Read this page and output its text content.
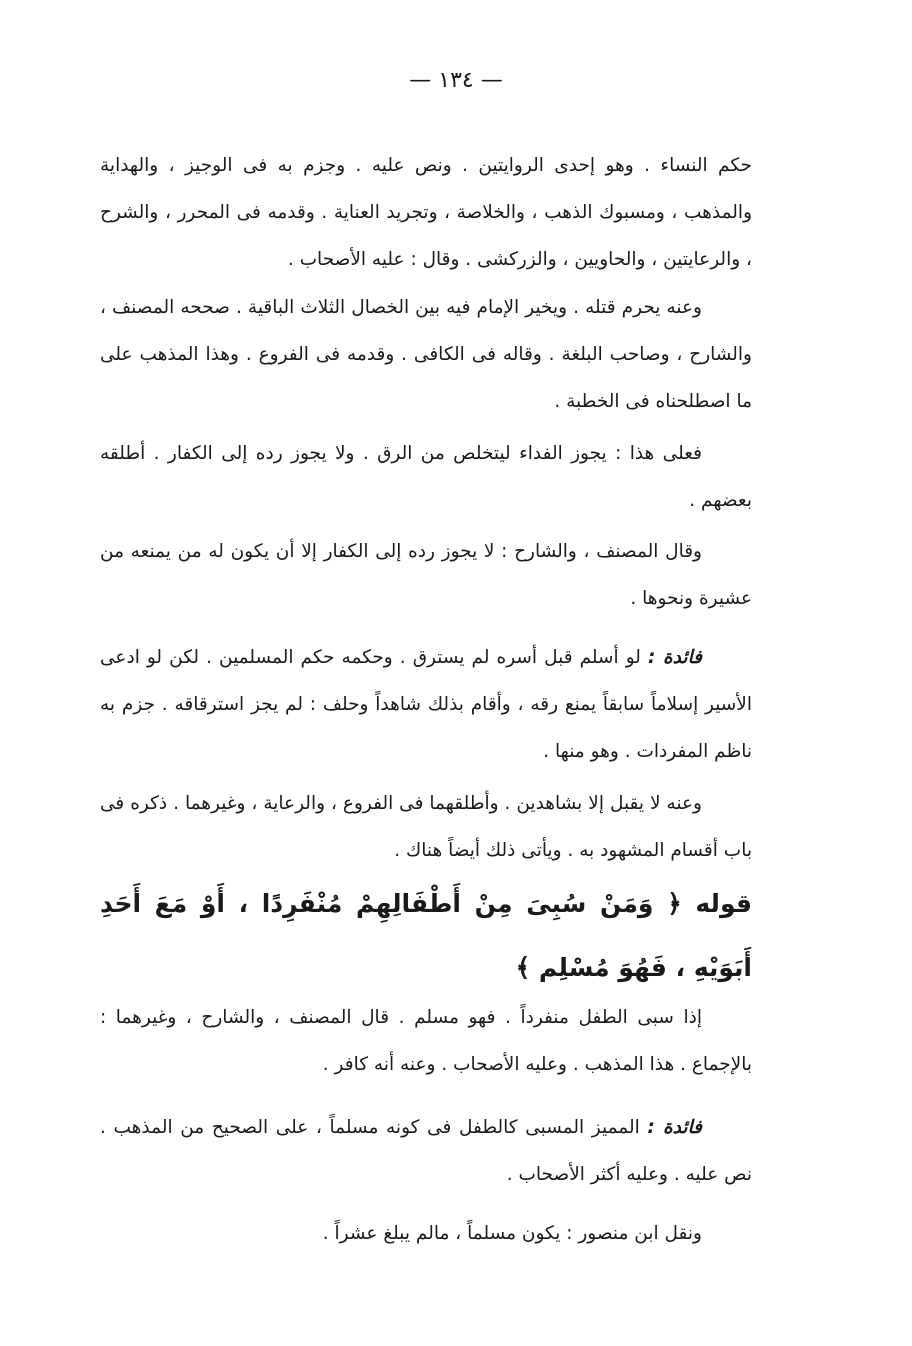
— ١٣٤ —
حكم النساء . وهو إحدى الروايتين . ونص عليه . وجزم به فى الوجيز ، والهداية والمذهب ، ومسبوك الذهب ، والخلاصة ، وتجريد العناية . وقدمه فى المحرر ، والشرح ، والرعايتين ، والحاويين ، والزركشى . وقال : عليه الأصحاب .
وعنه يحرم قتله . ويخير الإمام فيه بين الخصال الثلاث الباقية . صححه المصنف ، والشارح ، وصاحب البلغة . وقاله فى الكافى . وقدمه فى الفروع . وهذا المذهب على ما اصطلحناه فى الخطبة .
فعلى هذا : يجوز الفداء ليتخلص من الرق . ولا يجوز رده إلى الكفار . أطلقه بعضهم .
وقال المصنف ، والشارح : لا يجوز رده إلى الكفار إلا أن يكون له من يمنعه من عشيرة ونحوها .
فائدة : لو أسلم قبل أسره لم يسترق . وحكمه حكم المسلمين . لكن لو ادعى الأسير إسلاماً سابقاً يمنع رقه ، وأقام بذلك شاهداً وحلف : لم يجز استرقاقه . جزم به ناظم المفردات . وهو منها .
وعنه لا يقبل إلا بشاهدين . وأطلقهما فى الفروع ، والرعاية ، وغيرهما . ذكره فى باب أقسام المشهود به . ويأتى ذلك أيضاً هناك .
قوله ﴿ وَمَنْ سُبِىَ مِنْ أَطْفَالِهِمْ مُنْفَرِدًا ، أَوْ مَعَ أَحَدِ أَبَوَيْهِ ، فَهُوَ مُسْلِم ﴾
إذا سبى الطفل منفرداً . فهو مسلم . قال المصنف ، والشارح ، وغيرهما : بالإجماع . هذا المذهب . وعليه الأصحاب . وعنه أنه كافر .
فائدة : المميز المسبى كالطفل فى كونه مسلماً ، على الصحيح من المذهب . نص عليه . وعليه أكثر الأصحاب .
ونقل ابن منصور : يكون مسلماً ، مالم يبلغ عشراً .
